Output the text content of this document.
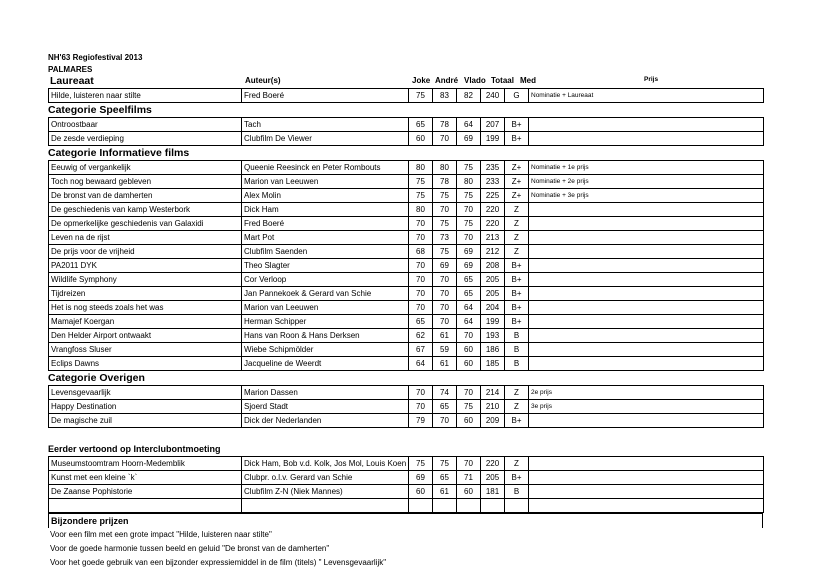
NH'63 Regiofestival 2013
PALMARES
Laureaat	Auteur(s)	Joke André Vlado Totaal Med	Prijs
Hilde, luisteren naar stilte	Fred Boeré	75	83	82	240	G	Nominatie + Laureaat
Categorie Speelfilms
Ontroostbaar	Tach	65	78	64	207	B+	
De zesde verdieping	Clubfilm De Viewer	60	70	69	199	B+	
Categorie Informatieve films
Eeuwig of vergankelijk	Queenie Reesinck en Peter Rombouts	80	80	75	235	Z+	Nominatie + 1e prijs
Toch nog bewaard gebleven	Marion van Leeuwen	75	78	80	233	Z+	Nominatie + 2e prijs
De bronst van de damherten	Alex Molin	75	75	75	225	Z+	Nominatie + 3e prijs
De geschiedenis van kamp Westerbork	Dick Ham	80	70	70	220	Z	
De opmerkelijke geschiedenis van Galaxidi	Fred Boeré	70	75	75	220	Z	
Leven na de rijst	Mart Pot	70	73	70	213	Z	
De prijs voor de vrijheid	Clubfilm Saenden	68	75	69	212	Z	
PA2011 DYK	Theo Slagter	70	69	69	208	B+	
Wildlife Symphony	Cor Verloop	70	70	65	205	B+	
Tijdreizen	Jan Pannekoek & Gerard van Schie	70	70	65	205	B+	
Het is nog steeds zoals het was	Marion van Leeuwen	70	70	64	204	B+	
Mamajef Koergan	Herman Schipper	65	70	64	199	B+	
Den Helder Airport ontwaakt	Hans van Roon & Hans Derksen	62	61	70	193	B	
Vrangfoss Sluser	Wiebe Schipmölder	67	59	60	186	B	
Eclips Dawns	Jacqueline de Weerdt	64	61	60	185	B	
Categorie Overigen
Levensgevaarlijk	Marion Dassen	70	74	70	214	Z	2e prijs
Happy Destination	Sjoerd Stadt	70	65	75	210	Z	3e prijs
De magische zuil	Dick der Nederlanden	79	70	60	209	B+	
Eerder vertoond op Interclubontmoeting
Museumstoomtram Hoorn-Medemblik	Dick Ham, Bob v.d. Kolk, Jos Mol, Louis Koen	75	75	70	220	Z	
Kunst met een kleine `k`	Clubpr. o.l.v. Gerard van Schie	69	65	71	205	B+	
De Zaanse Pophistorie	Clubfilm Z-N (Niek Mannes)	60	61	60	181	B	

Bijzondere prijzen
Voor een film met een grote impact "Hilde, luisteren naar stilte"
Voor de goede harmonie tussen beeld en geluid "De bronst van de damherten"
Voor het goede gebruik van een bijzonder expressiemiddel in de film (titels) " Levensgevaarlijk"
